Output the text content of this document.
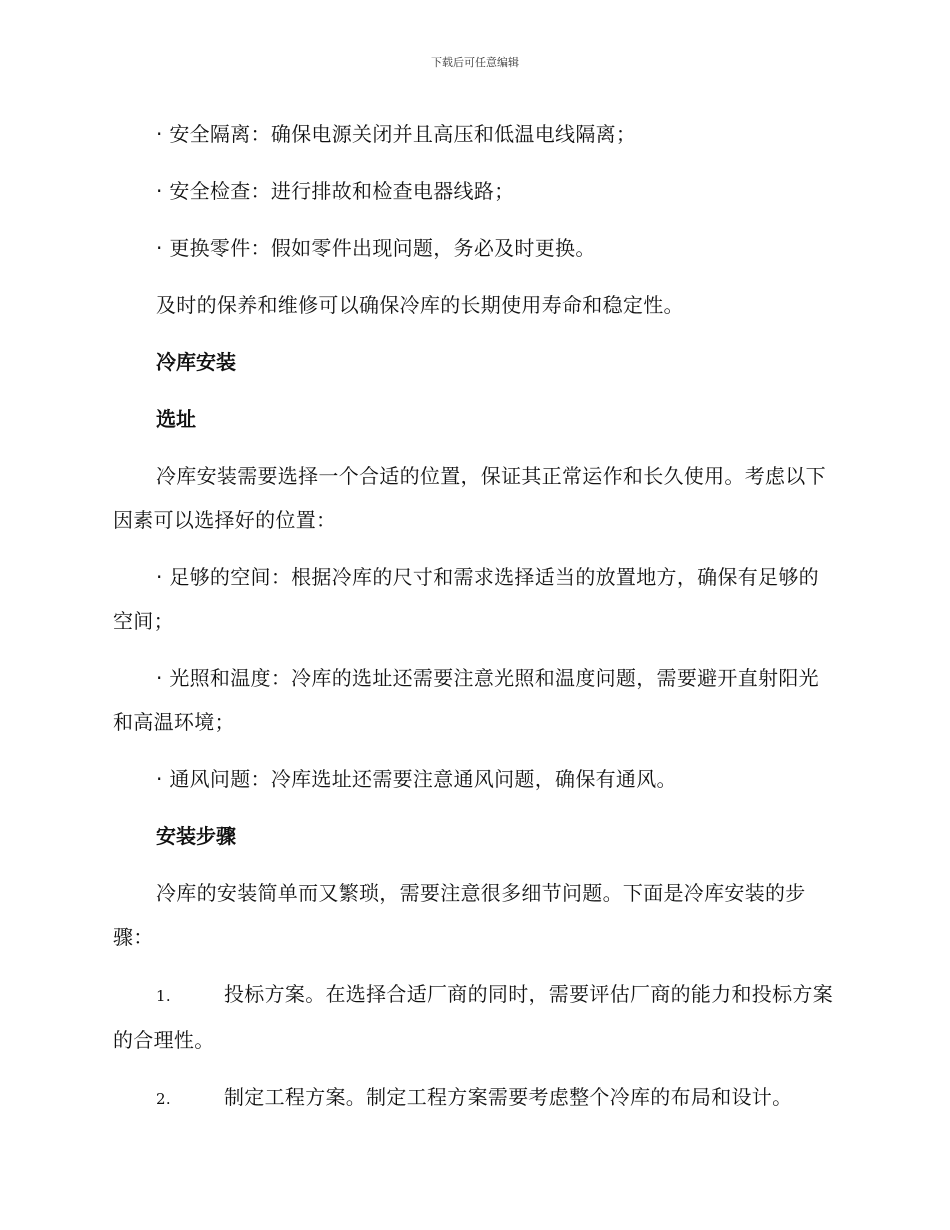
下载后可任意编辑

· 安全隔离：确保电源关闭并且高压和低温电线隔离；

· 安全检查：进行排故和检查电器线路；

· 更换零件：假如零件出现问题，务必及时更换。

及时的保养和维修可以确保冷库的长期使用寿命和稳定性。

冷库安装

选址

冷库安装需要选择一个合适的位置，保证其正常运作和长久使用。考虑以下因素可以选择好的位置：

· 足够的空间：根据冷库的尺寸和需求选择适当的放置地方，确保有足够的空间；

· 光照和温度：冷库的选址还需要注意光照和温度问题，需要避开直射阳光和高温环境；

· 通风问题：冷库选址还需要注意通风问题，确保有通风。

安装步骤

冷库的安装简单而又繁琐，需要注意很多细节问题。下面是冷库安装的步骤：

1.	投标方案。在选择合适厂商的同时，需要评估厂商的能力和投标方案的合理性。

2.	制定工程方案。制定工程方案需要考虑整个冷库的布局和设计。
